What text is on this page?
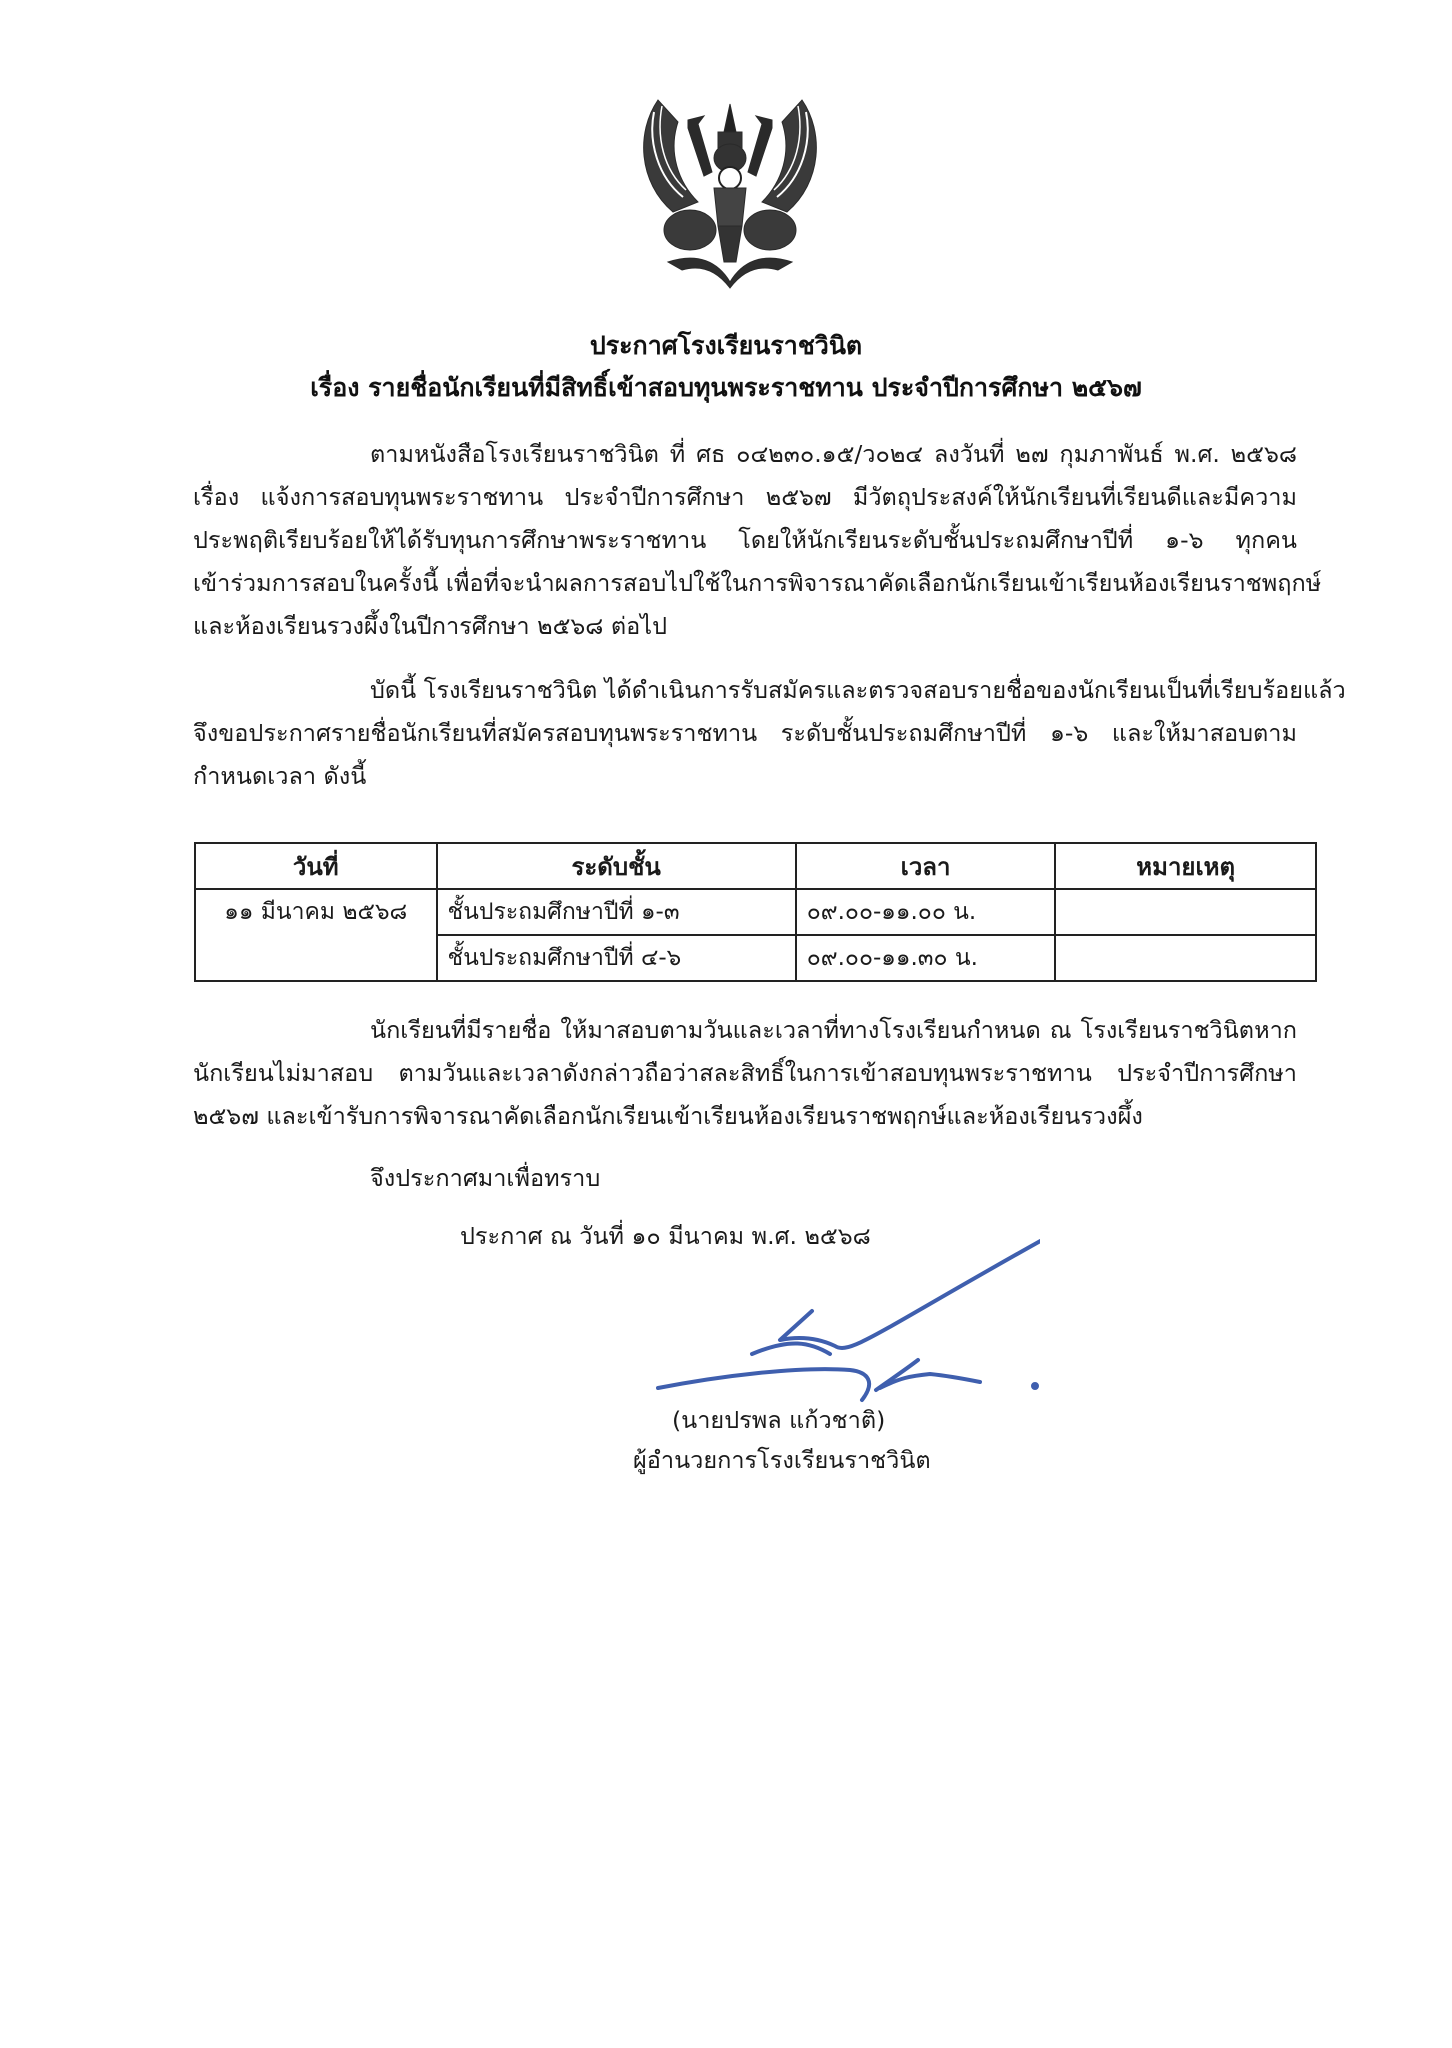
ประกาศโรงเรียนราชวินิต
เรื่อง รายชื่อนักเรียนที่มีสิทธิ์เข้าสอบทุนพระราชทาน ประจำปีการศึกษา ๒๕๖๗
ตามหนังสือโรงเรียนราชวินิต ที่ ศธ ๐๔๒๓๐.๑๕/ว๐๒๔ ลงวันที่ ๒๗ กุมภาพันธ์ พ.ศ. ๒๕๖๘
เรื่อง แจ้งการสอบทุนพระราชทาน ประจำปีการศึกษา ๒๕๖๗ มีวัตถุประสงค์ให้นักเรียนที่เรียนดีและมีความ
ประพฤติเรียบร้อยให้ได้รับทุนการศึกษาพระราชทาน โดยให้นักเรียนระดับชั้นประถมศึกษาปีที่ ๑-๖ ทุกคน
เข้าร่วมการสอบในครั้งนี้ เพื่อที่จะนำผลการสอบไปใช้ในการพิจารณาคัดเลือกนักเรียนเข้าเรียนห้องเรียนราชพฤกษ์
และห้องเรียนรวงผึ้งในปีการศึกษา ๒๕๖๘ ต่อไป
บัดนี้ โรงเรียนราชวินิต ได้ดำเนินการรับสมัครและตรวจสอบรายชื่อของนักเรียนเป็นที่เรียบร้อยแล้ว
จึงขอประกาศรายชื่อนักเรียนที่สมัครสอบทุนพระราชทาน ระดับชั้นประถมศึกษาปีที่ ๑-๖ และให้มาสอบตาม
กำหนดเวลา ดังนี้
วันที่	ระดับชั้น	เวลา	หมายเหตุ
๑๑ มีนาคม ๒๕๖๘	ชั้นประถมศึกษาปีที่ ๑-๓	๐๙.๐๐-๑๑.๐๐ น.	
	ชั้นประถมศึกษาปีที่ ๔-๖	๐๙.๐๐-๑๑.๓๐ น.	
นักเรียนที่มีรายชื่อ ให้มาสอบตามวันและเวลาที่ทางโรงเรียนกำหนด ณ โรงเรียนราชวินิตหาก
นักเรียนไม่มาสอบ ตามวันและเวลาดังกล่าวถือว่าสละสิทธิ์ในการเข้าสอบทุนพระราชทาน ประจำปีการศึกษา
๒๕๖๗ และเข้ารับการพิจารณาคัดเลือกนักเรียนเข้าเรียนห้องเรียนราชพฤกษ์และห้องเรียนรวงผึ้ง
จึงประกาศมาเพื่อทราบ
ประกาศ ณ วันที่ ๑๐ มีนาคม พ.ศ. ๒๕๖๘
(นายปรพล แก้วชาติ)
ผู้อำนวยการโรงเรียนราชวินิต
